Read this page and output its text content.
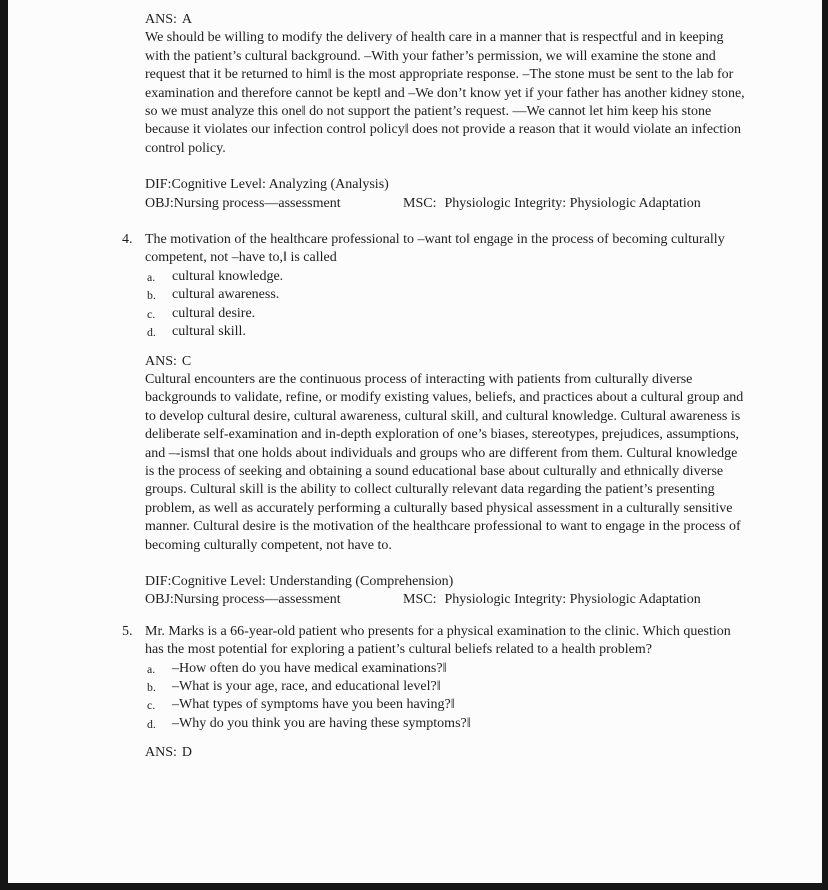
ANS: A

We should be willing to modify the delivery of health care in a manner that is respectful and in keeping with the patient’s cultural background. –With your father’s permission, we will examine the stone and request that it be returned to him‖ is the most appropriate response. –The stone must be sent to the lab for examination and therefore cannot be kept‖ and –We don’t know yet if your father has another kidney stone, so we must analyze this one‖ do not support the patient’s request. —We cannot let him keep his stone because it violates our infection control policy‖ does not provide a reason that it would violate an infection control policy.

DIF:Cognitive Level: Analyzing (Analysis)
OBJ:Nursing process—assessment	MSC: Physiologic Integrity: Physiologic Adaptation
4. The motivation of the healthcare professional to –want to‖ engage in the process of becoming culturally competent, not –have to,‖ is called
a.	cultural knowledge.
b.	cultural awareness.
c.	cultural desire.
d.	cultural skill.
ANS: C

Cultural encounters are the continuous process of interacting with patients from culturally diverse backgrounds to validate, refine, or modify existing values, beliefs, and practices about a cultural group and to develop cultural desire, cultural awareness, cultural skill, and cultural knowledge. Cultural awareness is deliberate self-examination and in-depth exploration of one’s biases, stereotypes, prejudices, assumptions, and –-isms‖ that one holds about individuals and groups who are different from them. Cultural knowledge is the process of seeking and obtaining a sound educational base about culturally and ethnically diverse groups. Cultural skill is the ability to collect culturally relevant data regarding the patient’s presenting problem, as well as accurately performing a culturally based physical assessment in a culturally sensitive manner. Cultural desire is the motivation of the healthcare professional to want to engage in the process of becoming culturally competent, not have to.

DIF:Cognitive Level: Understanding (Comprehension)
OBJ:Nursing process—assessment	MSC: Physiologic Integrity: Physiologic Adaptation
5. Mr. Marks is a 66-year-old patient who presents for a physical examination to the clinic. Which question has the most potential for exploring a patient’s cultural beliefs related to a health problem?
a.	–How often do you have medical examinations?‖
b.	–What is your age, race, and educational level?‖
c.	–What types of symptoms have you been having?‖
d.	–Why do you think you are having these symptoms?‖
ANS: D
